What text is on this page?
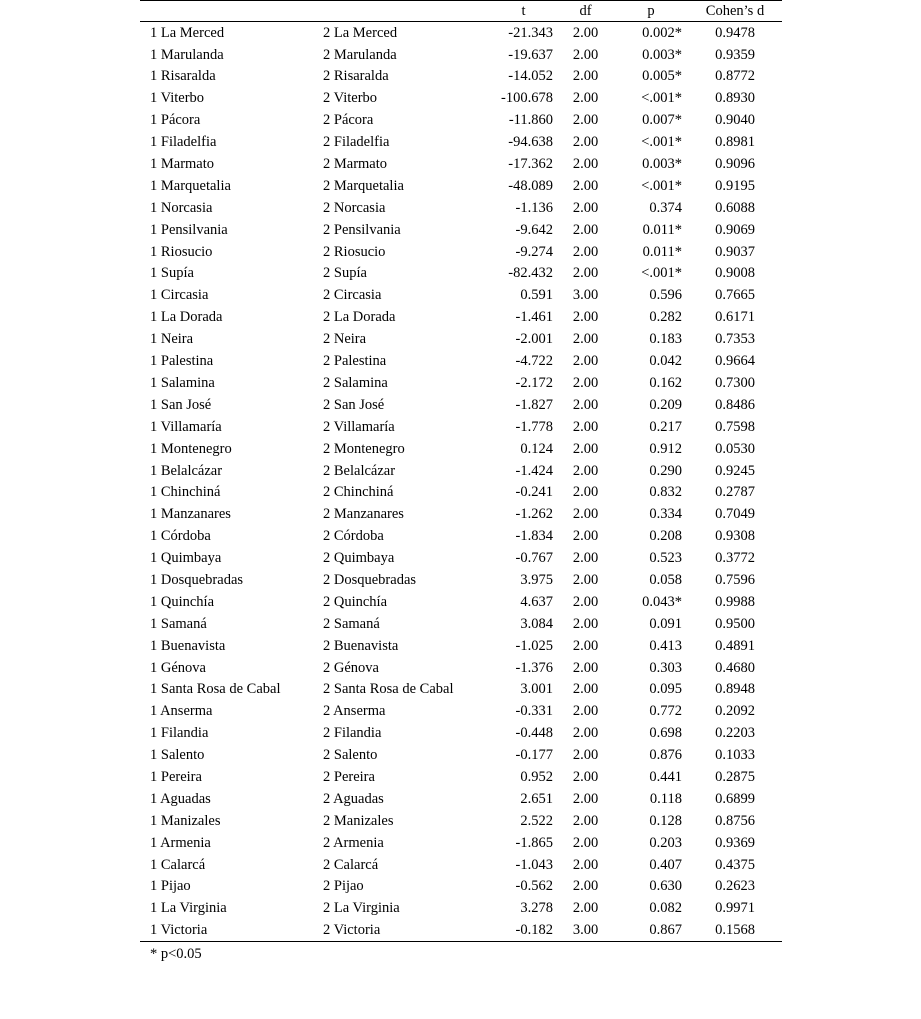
		t	df	p	Cohen’s d
1 La Merced	2 La Merced	-21.343	2.00	0.002*	0.9478
1 Marulanda	2 Marulanda	-19.637	2.00	0.003*	0.9359
1 Risaralda	2 Risaralda	-14.052	2.00	0.005*	0.8772
1 Viterbo	2 Viterbo	-100.678	2.00	<.001*	0.8930
1 Pácora	2 Pácora	-11.860	2.00	0.007*	0.9040
1 Filadelfia	2 Filadelfia	-94.638	2.00	<.001*	0.8981
1 Marmato	2 Marmato	-17.362	2.00	0.003*	0.9096
1 Marquetalia	2 Marquetalia	-48.089	2.00	<.001*	0.9195
1 Norcasia	2 Norcasia	-1.136	2.00	0.374	0.6088
1 Pensilvania	2 Pensilvania	-9.642	2.00	0.011*	0.9069
1 Riosucio	2 Riosucio	-9.274	2.00	0.011*	0.9037
1 Supía	2 Supía	-82.432	2.00	<.001*	0.9008
1 Circasia	2 Circasia	0.591	3.00	0.596	0.7665
1 La Dorada	2 La Dorada	-1.461	2.00	0.282	0.6171
1 Neira	2 Neira	-2.001	2.00	0.183	0.7353
1 Palestina	2 Palestina	-4.722	2.00	0.042	0.9664
1 Salamina	2 Salamina	-2.172	2.00	0.162	0.7300
1 San José	2 San José	-1.827	2.00	0.209	0.8486
1 Villamaría	2 Villamaría	-1.778	2.00	0.217	0.7598
1 Montenegro	2 Montenegro	0.124	2.00	0.912	0.0530
1 Belalcázar	2 Belalcázar	-1.424	2.00	0.290	0.9245
1 Chinchiná	2 Chinchiná	-0.241	2.00	0.832	0.2787
1 Manzanares	2 Manzanares	-1.262	2.00	0.334	0.7049
1 Córdoba	2 Córdoba	-1.834	2.00	0.208	0.9308
1 Quimbaya	2 Quimbaya	-0.767	2.00	0.523	0.3772
1 Dosquebradas	2 Dosquebradas	3.975	2.00	0.058	0.7596
1 Quinchía	2 Quinchía	4.637	2.00	0.043*	0.9988
1 Samaná	2 Samaná	3.084	2.00	0.091	0.9500
1 Buenavista	2 Buenavista	-1.025	2.00	0.413	0.4891
1 Génova	2 Génova	-1.376	2.00	0.303	0.4680
1 Santa Rosa de Cabal	2 Santa Rosa de Cabal	3.001	2.00	0.095	0.8948
1 Anserma	2 Anserma	-0.331	2.00	0.772	0.2092
1 Filandia	2 Filandia	-0.448	2.00	0.698	0.2203
1 Salento	2 Salento	-0.177	2.00	0.876	0.1033
1 Pereira	2 Pereira	0.952	2.00	0.441	0.2875
1 Aguadas	2 Aguadas	2.651	2.00	0.118	0.6899
1 Manizales	2 Manizales	2.522	2.00	0.128	0.8756
1 Armenia	2 Armenia	-1.865	2.00	0.203	0.9369
1 Calarcá	2 Calarcá	-1.043	2.00	0.407	0.4375
1 Pijao	2 Pijao	-0.562	2.00	0.630	0.2623
1 La Virginia	2 La Virginia	3.278	2.00	0.082	0.9971
1 Victoria	2 Victoria	-0.182	3.00	0.867	0.1568
* p<0.05
